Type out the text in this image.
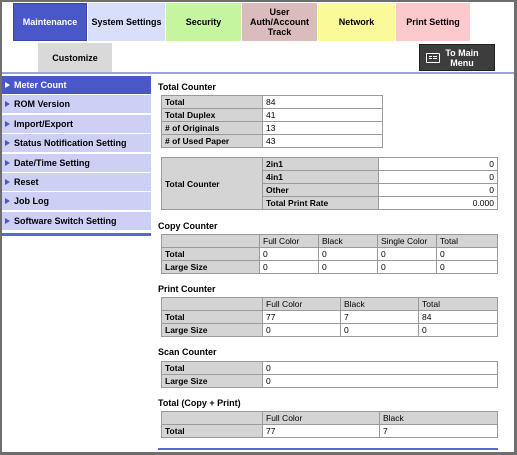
Maintenance	System Settings	Security
User Auth/Account Track
Network	Print Setting
Customize	To Main Menu
Meter Count
ROM Version
Import/Export
Status Notification Setting
Date/Time Setting
Reset
Job Log
Software Switch Setting
Total Counter
Total	84
Total Duplex	41
# of Originals	13
# of Used Paper	43
Total Counter	2in1	0
	4in1	0
	Other	0
	Total Print Rate	0.000
Copy Counter
	Full Color	Black	Single Color	Total
Total	0	0	0	0
Large Size	0	0	0	0
Print Counter
	Full Color	Black	Total
Total	77	7	84
Large Size	0	0	0
Scan Counter
Total	0
Large Size	0
Total (Copy + Print)
	Full Color	Black
Total	77	7
